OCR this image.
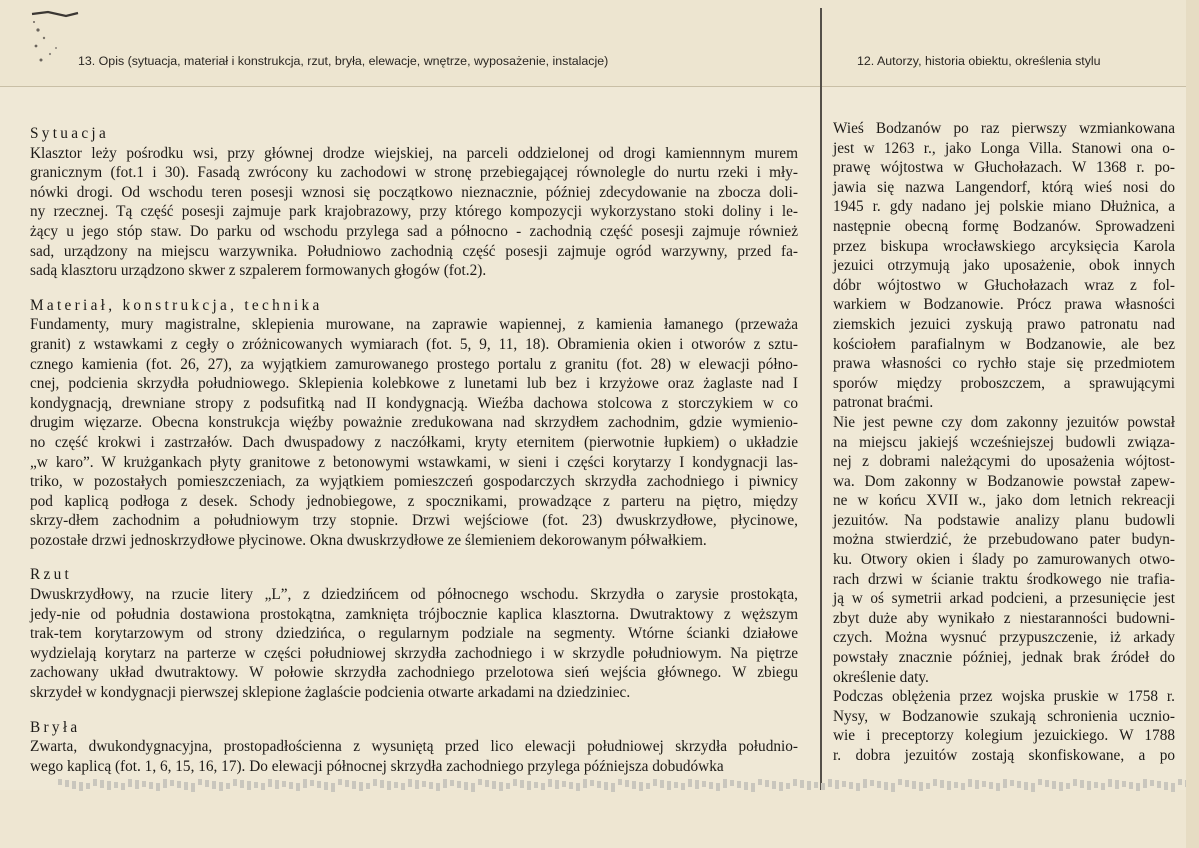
13. Opis (sytuacja, materiał i konstrukcja, rzut, bryła, elewacje, wnętrze, wyposażenie, instalacje)	12. Autorzy, historia obiektu, określenia stylu
Sytuacja
Klasztor leży pośrodku wsi, przy głównej drodze wiejskiej, na parceli oddzielonej od drogi kamiennnym murem
granicznym (fot.1 i 30). Fasadą zwrócony ku zachodowi w stronę przebiegającej równolegle do nurtu rzeki i mły-
nówki drogi. Od wschodu teren posesji wznosi się początkowo nieznacznie, później zdecydowanie na zbocza doli-
ny rzecznej. Tą część posesji zajmuje park krajobrazowy, przy którego kompozycji wykorzystano stoki doliny i le-
żący u jego stóp staw. Do parku od wschodu przylega sad a północno - zachodnią część posesji zajmuje również
sad, urządzony na miejscu warzywnika. Południowo zachodnią część posesji zajmuje ogród warzywny, przed fa-
sadą klasztoru urządzono skwer z szpalerem formowanych głogów (fot.2).
Materiał, konstrukcja, technika
Fundamenty, mury magistralne, sklepienia murowane, na zaprawie wapiennej, z kamienia łamanego (przeważa
granit) z wstawkami z cegły o zróżnicowanych wymiarach (fot. 5, 9, 11, 18). Obramienia okien i otworów z sztu-
cznego kamienia (fot. 26, 27), za wyjątkiem zamurowanego prostego portalu z granitu (fot. 28) w elewacji półno-
cnej, podcienia skrzydła południowego. Sklepienia kolebkowe z lunetami lub bez i krzyżowe oraz żaglaste nad I
kondygnacją, drewniane stropy z podsufitką nad II kondygnacją. Wieźba dachowa stolcowa z storczykiem w co
drugim więzarze. Obecna konstrukcja więźby poważnie zredukowana nad skrzydłem zachodnim, gdzie wymienio-
no część krokwi i zastrzałów. Dach dwuspadowy z naczółkami, kryty eternitem (pierwotnie łupkiem) o układzie
„w karo”. W krużgankach płyty granitowe z betonowymi wstawkami, w sieni i części korytarzy I kondygnacji las-
triko, w pozostałych pomieszczeniach, za wyjątkiem pomieszczeń gospodarczych skrzydła zachodniego i piwnicy
pod kaplicą podłoga z desek. Schody jednobiegowe, z spocznikami, prowadzące z parteru na piętro, między
skrzy-dłem zachodnim a południowym trzy stopnie. Drzwi wejściowe (fot. 23) dwuskrzydłowe, płycinowe,
pozostałe drzwi jednoskrzydłowe płycinowe. Okna dwuskrzydłowe ze ślemieniem dekorowanym półwałkiem.
Rzut
Dwuskrzydłowy, na rzucie litery „L”, z dziedzińcem od północnego wschodu. Skrzydła o zarysie prostokąta,
jedy-nie od południa dostawiona prostokątna, zamknięta trójbocznie kaplica klasztorna. Dwutraktowy z węższym
trak-tem korytarzowym od strony dziedzińca, o regularnym podziale na segmenty. Wtórne ścianki działowe
wydzielają korytarz na parterze w części południowej skrzydła zachodniego i w skrzydle południowym. Na piętrze
zachowany układ dwutraktowy. W połowie skrzydła zachodniego przelotowa sień wejścia głównego. W zbiegu
skrzydeł w kondygnacji pierwszej sklepione żaglaście podcienia otwarte arkadami na dziedziniec.
Bryła
Zwarta, dwukondygnacyjna, prostopadłościenna z wysuniętą przed lico elewacji południowej skrzydła południo-
wego kaplicą (fot. 1, 6, 15, 16, 17). Do elewacji północnej skrzydła zachodniego przylega późniejsza dobudówka
Wieś Bodzanów po raz pierwszy wzmiankowana
jest w 1263 r., jako Longa Villa. Stanowi ona o-
prawę wójtostwa w Głuchołazach. W 1368 r. po-
jawia się nazwa Langendorf, którą wieś nosi do
1945 r. gdy nadano jej polskie miano Dłużnica, a
następnie obecną formę Bodzanów. Sprowadzeni
przez biskupa wrocławskiego arcyksięcia Karola
jezuici otrzymują jako uposażenie, obok innych
dóbr wójtostwo w Głuchołazach wraz z fol-
warkiem w Bodzanowie. Prócz prawa własności
ziemskich jezuici zyskują prawo patronatu nad
kościołem parafialnym w Bodzanowie, ale bez
prawa własności co rychło staje się przedmiotem
sporów między proboszczem, a sprawującymi
patronat braćmi.
Nie jest pewne czy dom zakonny jezuitów powstał
na miejscu jakiejś wcześniejszej budowli związa-
nej z dobrami należącymi do uposażenia wójtost-
wa. Dom zakonny w Bodzanowie powstał zapew-
ne w końcu XVII w., jako dom letnich rekreacji
jezuitów. Na podstawie analizy planu budowli
można stwierdzić, że przebudowano pater budyn-
ku. Otwory okien i ślady po zamurowanych otwo-
rach drzwi w ścianie traktu środkowego nie trafia-
ją w oś symetrii arkad podcieni, a przesunięcie jest
zbyt duże aby wynikało z niestaranności budowni-
czych. Można wysnuć przypuszczenie, iż arkady
powstały znacznie później, jednak brak źródeł do
określenie daty.
Podczas oblężenia przez wojska pruskie w 1758 r.
Nysy, w Bodzanowie szukają schronienia ucznio-
wie i preceptorzy kolegium jezuickiego. W 1788
r. dobra jezuitów zostają skonfiskowane, a po
